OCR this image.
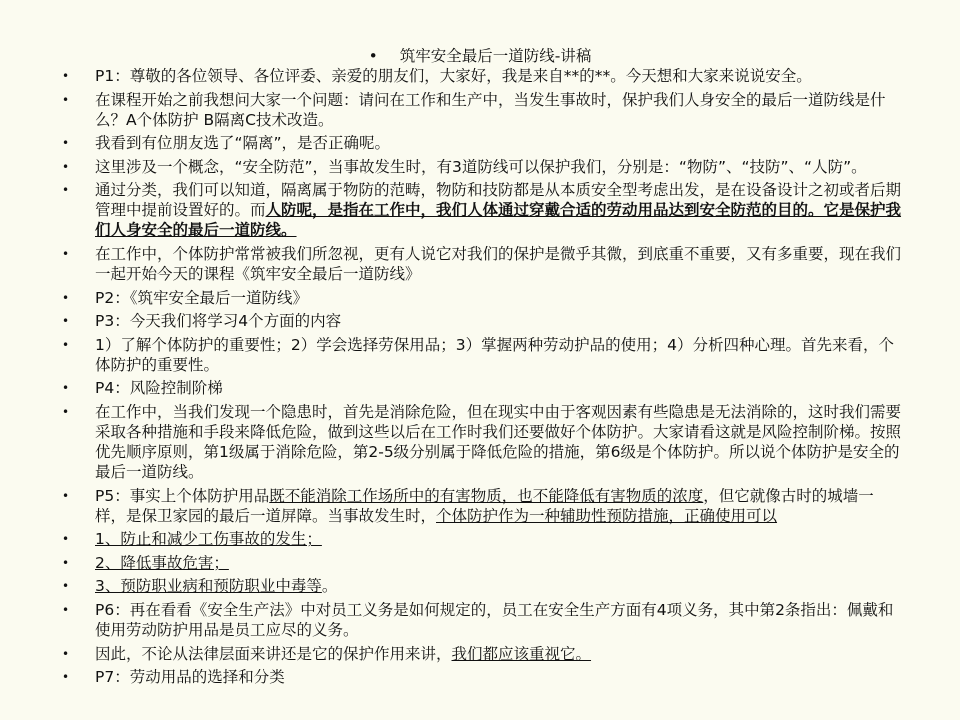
• 筑牢安全最后一道防线-讲稿
• P1：尊敬的各位领导、各位评委、亲爱的朋友们，大家好，我是来自**的**。今天想和大家来说说安全。
• 在课程开始之前我想问大家一个问题：请问在工作和生产中，当发生事故时，保护我们人身安全的最后一道防线是什么？A个体防护 B隔离C技术改造。
• 我看到有位朋友选了“隔离”，是否正确呢。
• 这里涉及一个概念，“安全防范”，当事故发生时，有3道防线可以保护我们，分别是：“物防”、“技防”、“人防”。
• 通过分类，我们可以知道，隔离属于物防的范畴，物防和技防都是从本质安全型考虑出发，是在设备设计之初或者后期管理中提前设置好的。而人防呢，是指在工作中，我们人体通过穿戴合适的劳动用品达到安全防范的目的。它是保护我们人身安全的最后一道防线。
• 在工作中，个体防护常常被我们所忽视，更有人说它对我们的保护是微乎其微，到底重不重要，又有多重要，现在我们一起开始今天的课程《筑牢安全最后一道防线》
• P2：《筑牢安全最后一道防线》
• P3：今天我们将学习4个方面的内容
• 1）了解个体防护的重要性；2）学会选择劳保用品；3）掌握两种劳动护品的使用；4）分析四种心理。首先来看，个体防护的重要性。
• P4：风险控制阶梯
• 在工作中，当我们发现一个隐患时，首先是消除危险，但在现实中由于客观因素有些隐患是无法消除的，这时我们需要采取各种措施和手段来降低危险，做到这些以后在工作时我们还要做好个体防护。大家请看这就是风险控制阶梯。按照优先顺序原则，第1级属于消除危险，第2-5级分别属于降低危险的措施，第6级是个体防护。所以说个体防护是安全的最后一道防线。
• P5：事实上个体防护用品既不能消除工作场所中的有害物质，也不能降低有害物质的浓度，但它就像古时的城墙一样，是保卫家园的最后一道屏障。当事故发生时，个体防护作为一种辅助性预防措施，正确使用可以
• 1、防止和减少工伤事故的发生；
• 2、降低事故危害；
• 3、预防职业病和预防职业中毒等。
• P6：再在看看《安全生产法》中对员工义务是如何规定的，员工在安全生产方面有4项义务，其中第2条指出：佩戴和使用劳动防护用品是员工应尽的义务。
• 因此，不论从法律层面来讲还是它的保护作用来讲，我们都应该重视它。
• P7：劳动用品的选择和分类
